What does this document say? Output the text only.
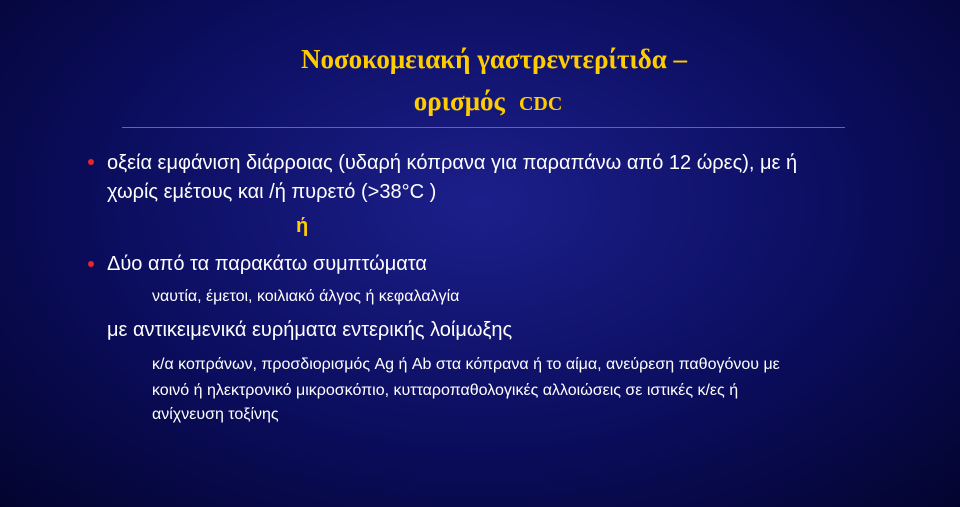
Νοσοκομειακή γαστρεντερίτιδα –
ορισμός CDC
οξεία εμφάνιση διάρροιας (υδαρή κόπρανα για παραπάνω από 12 ώρες), με ή
χωρίς εμέτους και /ή πυρετό (>38°C )
ή
Δύο από τα παρακάτω συμπτώματα
ναυτία, έμετοι, κοιλιακό άλγος ή κεφαλαλγία
με αντικειμενικά ευρήματα εντερικής λοίμωξης
κ/α κοπράνων, προσδιορισμός Ag ή Ab στα κόπρανα ή το αίμα, ανεύρεση παθογόνου με
κοινό ή ηλεκτρονικό μικροσκόπιο, κυτταροπαθολογικές αλλοιώσεις σε ιστικές κ/ες ή
ανίχνευση τοξίνης
